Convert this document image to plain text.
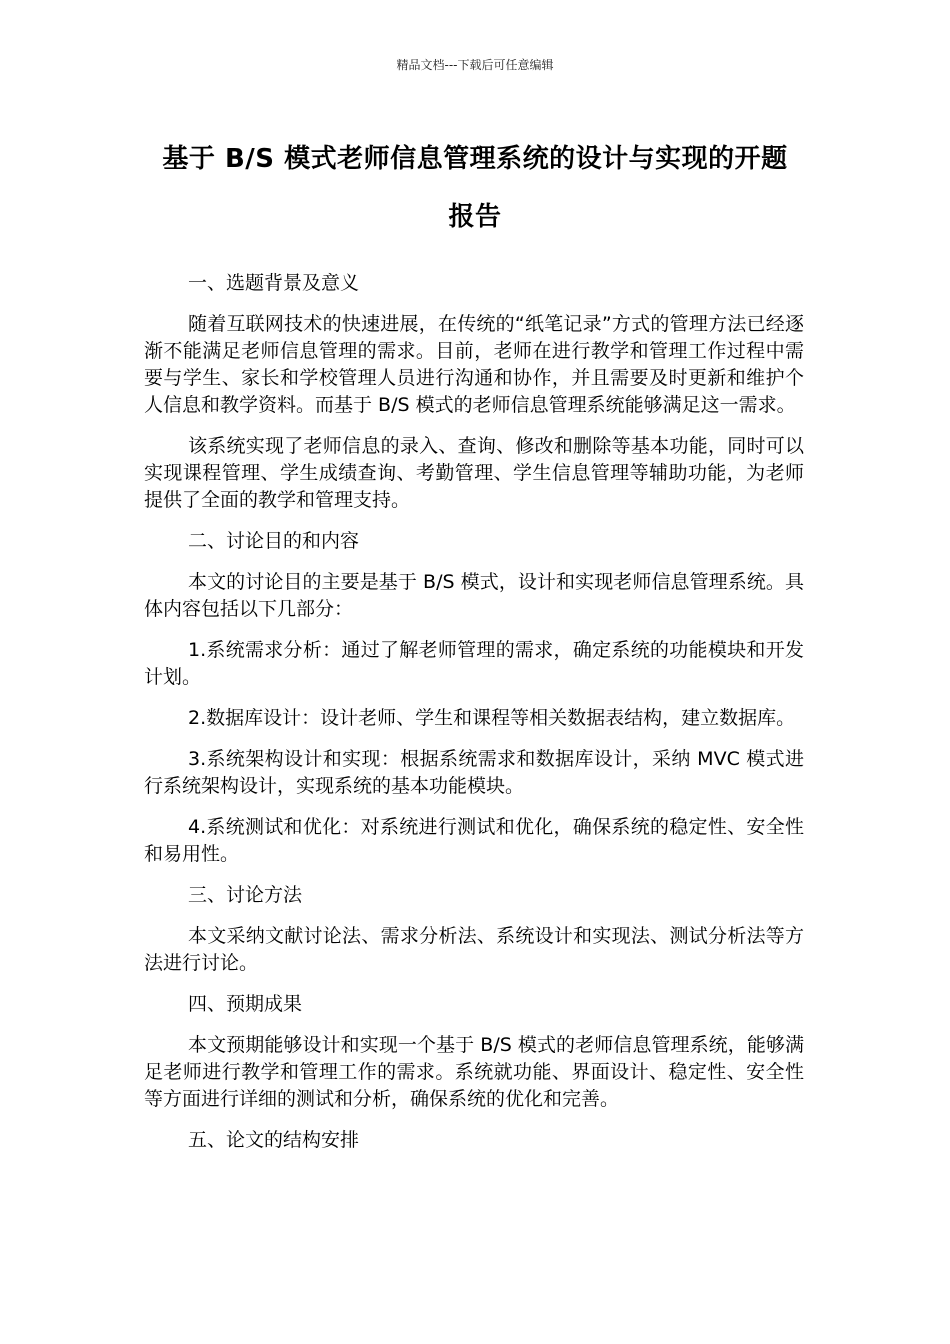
精品文档---下载后可任意编辑
基于 B/S 模式老师信息管理系统的设计与实现的开题
报告

一、选题背景及意义

随着互联网技术的快速进展，在传统的“纸笔记录”方式的管理方法已经逐渐不能满足老师信息管理的需求。目前，老师在进行教学和管理工作过程中需要与学生、家长和学校管理人员进行沟通和协作，并且需要及时更新和维护个人信息和教学资料。而基于 B/S 模式的老师信息管理系统能够满足这一需求。

该系统实现了老师信息的录入、查询、修改和删除等基本功能，同时可以实现课程管理、学生成绩查询、考勤管理、学生信息管理等辅助功能，为老师提供了全面的教学和管理支持。

二、讨论目的和内容

本文的讨论目的主要是基于 B/S 模式，设计和实现老师信息管理系统。具体内容包括以下几部分：

1.系统需求分析：通过了解老师管理的需求，确定系统的功能模块和开发计划。

2.数据库设计：设计老师、学生和课程等相关数据表结构，建立数据库。

3.系统架构设计和实现：根据系统需求和数据库设计，采纳 MVC 模式进行系统架构设计，实现系统的基本功能模块。

4.系统测试和优化：对系统进行测试和优化，确保系统的稳定性、安全性和易用性。

三、讨论方法

本文采纳文献讨论法、需求分析法、系统设计和实现法、测试分析法等方法进行讨论。

四、预期成果

本文预期能够设计和实现一个基于 B/S 模式的老师信息管理系统，能够满足老师进行教学和管理工作的需求。系统就功能、界面设计、稳定性、安全性等方面进行详细的测试和分析，确保系统的优化和完善。

五、论文的结构安排
